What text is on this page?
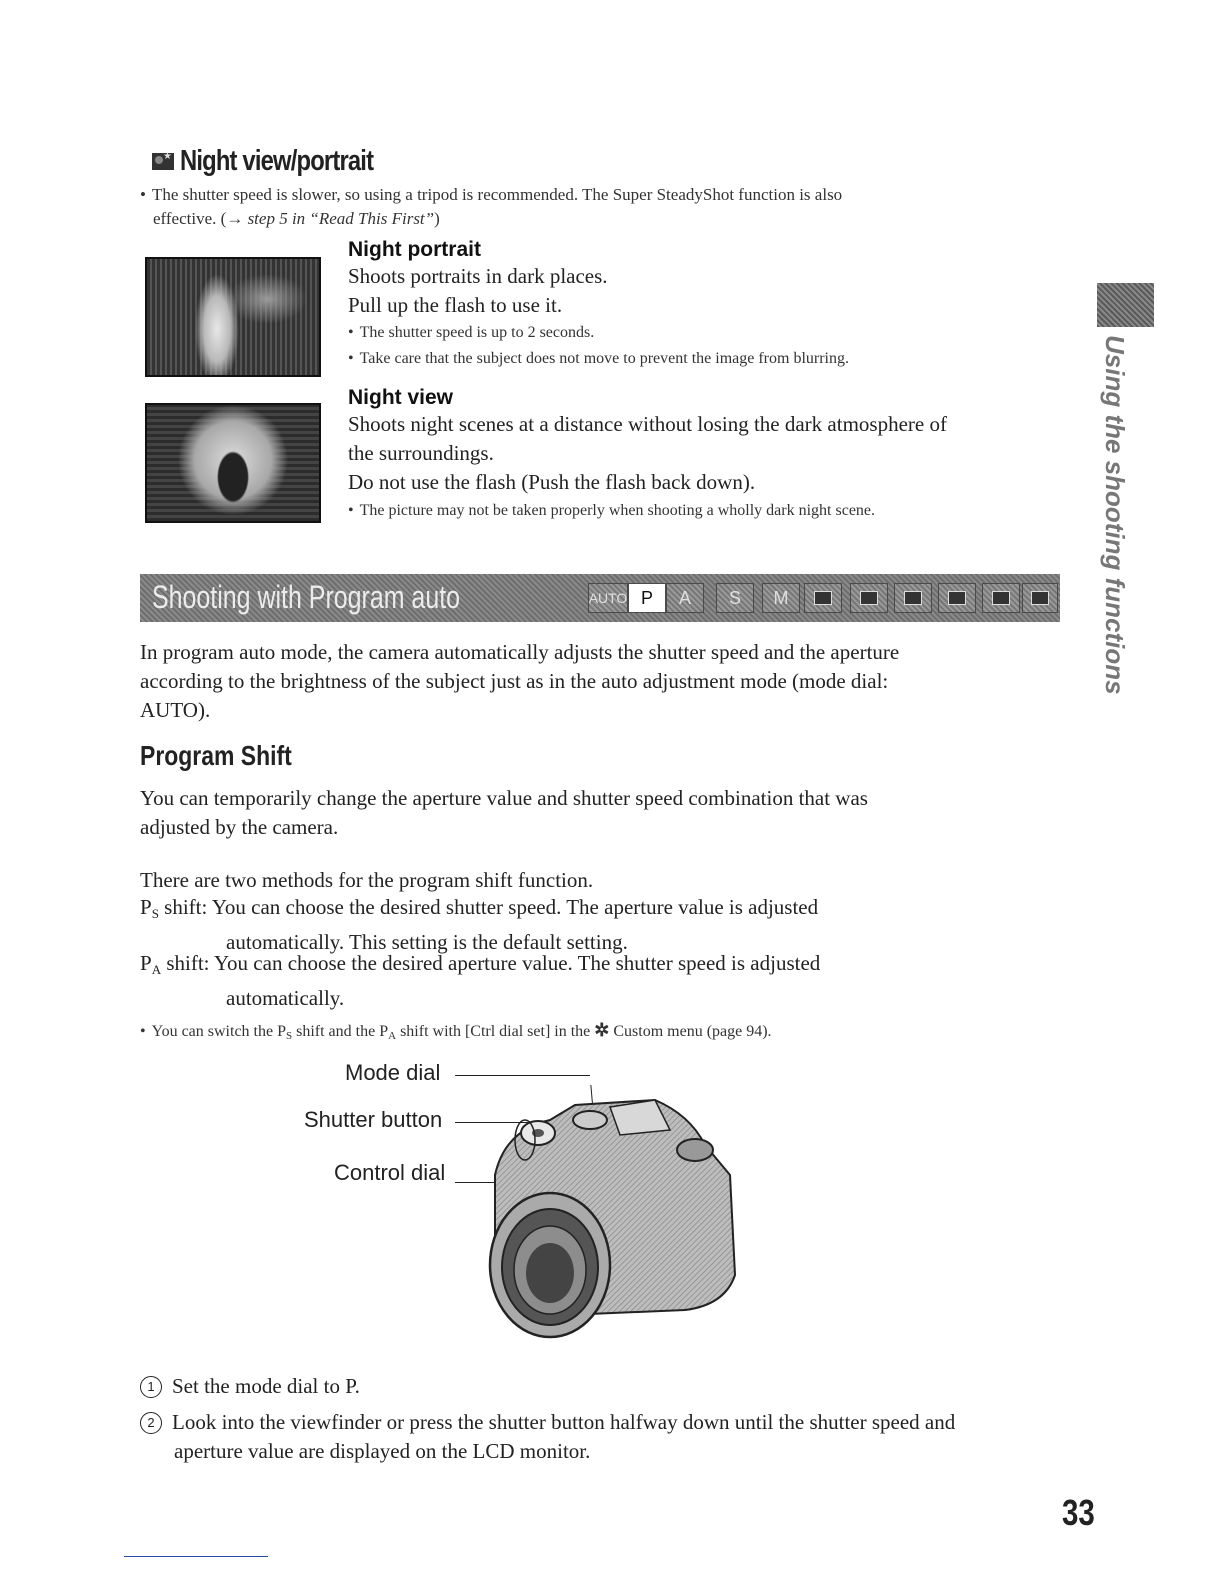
★
Night view/portrait
• The shutter speed is slower, so using a tripod is recommended. The Super SteadyShot function is also
effective. (→ step 5 in “Read This First”)
Night portrait
Shoots portraits in dark places.
Pull up the flash to use it.
• The shutter speed is up to 2 seconds.
• Take care that the subject does not move to prevent the image from blurring.
Night view
Shoots night scenes at a distance without losing the dark atmosphere of
the surroundings.
Do not use the flash (Push the flash back down).
• The picture may not be taken properly when shooting a wholly dark night scene.
Shooting with Program auto	AUTO P	A	S	M	Using the shooting functions
In program auto mode, the camera automatically adjusts the shutter speed and the aperture
according to the brightness of the subject just as in the auto adjustment mode (mode dial:
AUTO).
Program Shift
You can temporarily change the aperture value and shutter speed combination that was
adjusted by the camera.
There are two methods for the program shift function.
$P_S$ shift: You can choose the desired shutter speed. The aperture value is adjusted
automatically. This setting is the default setting.
$P_A$ shift: You can choose the desired aperture value. The shutter speed is adjusted
automatically.
• You can switch the $P_S$ shift and the $P_A$ shift with [Ctrl dial set] in the ✲ Custom menu (page 94).
Mode dial
Shutter button
Control dial
1 Set the mode dial to P.
2 Look into the viewfinder or press the shutter button halfway down until the shutter speed and
aperture value are displayed on the LCD monitor.
33
